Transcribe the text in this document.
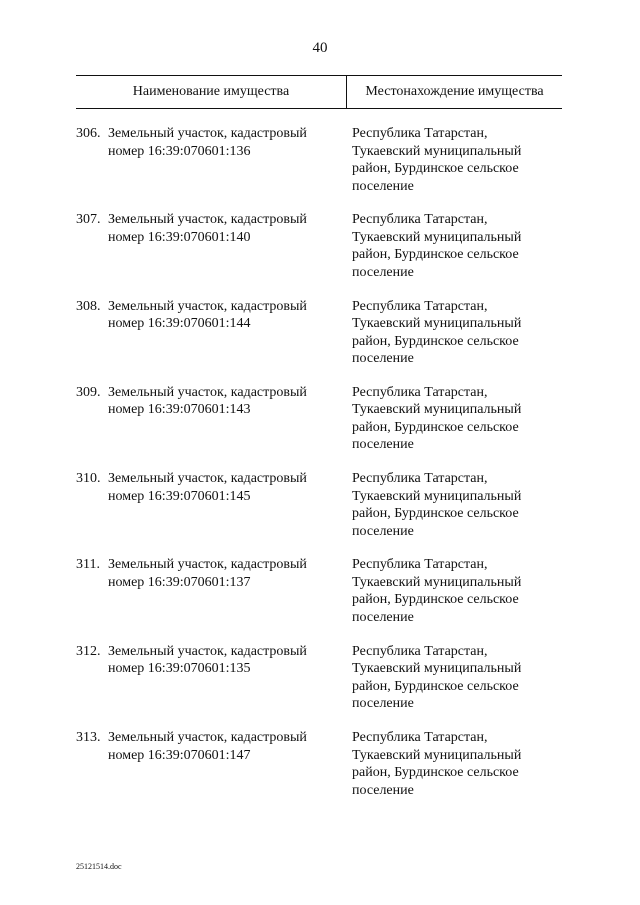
40
Наименование имущества	Местонахождение имущества
306. Земельный участок, кадастровый
номер 16:39:070601:136
Республика Татарстан,
Тукаевский муниципальный
район, Бурдинское сельское
поселение
307. Земельный участок, кадастровый
номер 16:39:070601:140
Республика Татарстан,
Тукаевский муниципальный
район, Бурдинское сельское
поселение
308. Земельный участок, кадастровый
номер 16:39:070601:144
Республика Татарстан,
Тукаевский муниципальный
район, Бурдинское сельское
поселение
309. Земельный участок, кадастровый
номер 16:39:070601:143
Республика Татарстан,
Тукаевский муниципальный
район, Бурдинское сельское
поселение
310. Земельный участок, кадастровый
номер 16:39:070601:145
Республика Татарстан,
Тукаевский муниципальный
район, Бурдинское сельское
поселение
311. Земельный участок, кадастровый
номер 16:39:070601:137
Республика Татарстан,
Тукаевский муниципальный
район, Бурдинское сельское
поселение
312. Земельный участок, кадастровый
номер 16:39:070601:135
Республика Татарстан,
Тукаевский муниципальный
район, Бурдинское сельское
поселение
313. Земельный участок, кадастровый
номер 16:39:070601:147
Республика Татарстан,
Тукаевский муниципальный
район, Бурдинское сельское
поселение
25121514.doc
